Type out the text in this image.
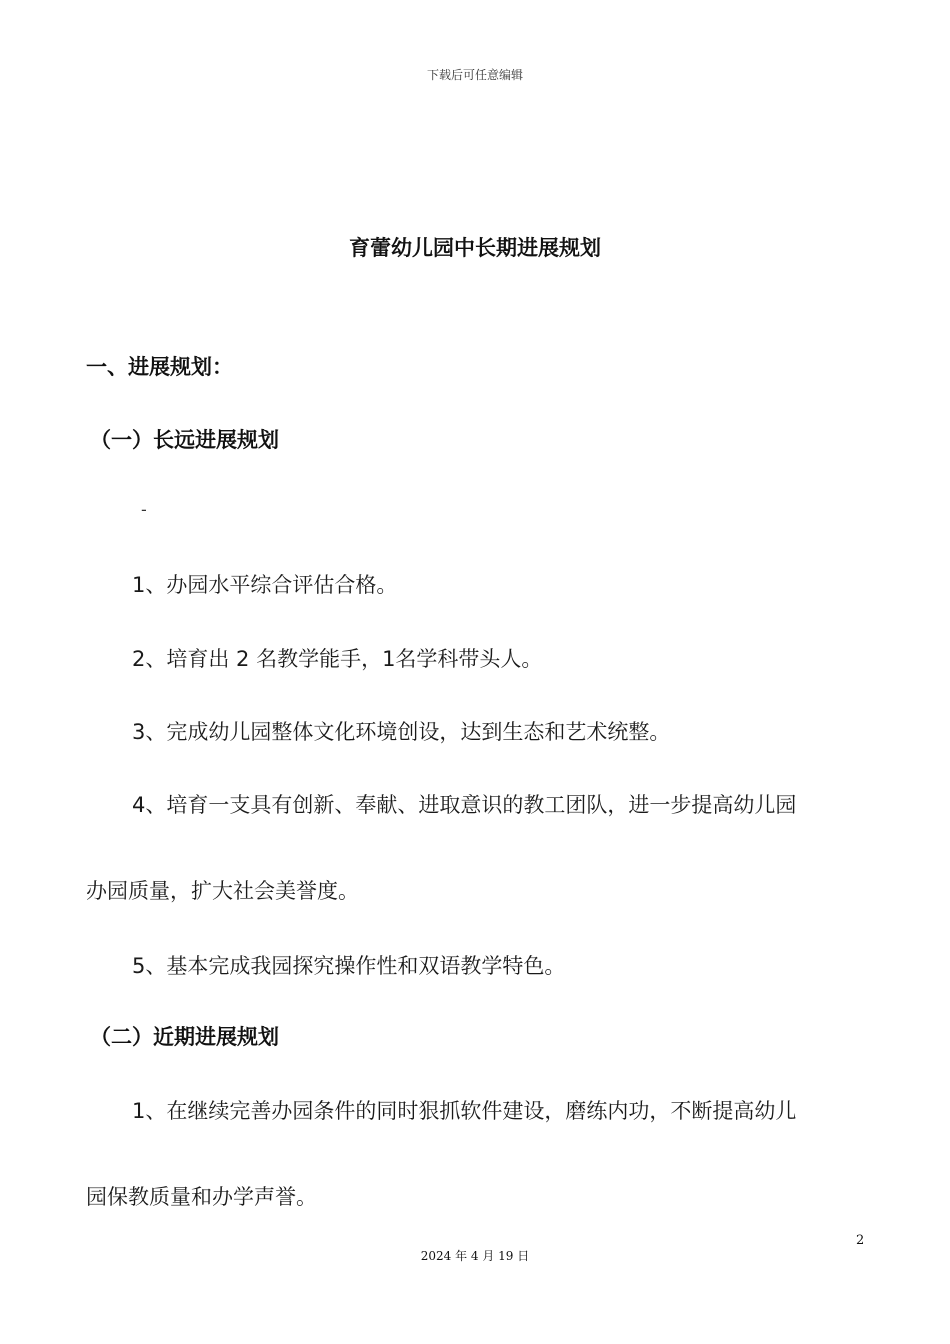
下载后可任意编辑
育蕾幼儿园中长期进展规划
一、进展规划：
（一）长远进展规划
-
1、办园水平综合评估合格。
2、培育出 2 名教学能手，1名学科带头人。
3、完成幼儿园整体文化环境创设，达到生态和艺术统整。
4、培育一支具有创新、奉献、进取意识的教工团队，进一步提高幼儿园
办园质量，扩大社会美誉度。
5、基本完成我园探究操作性和双语教学特色。
（二）近期进展规划
1、在继续完善办园条件的同时狠抓软件建设，磨练内功，不断提高幼儿
园保教质量和办学声誉。
2
2024 年 4 月 19 日
